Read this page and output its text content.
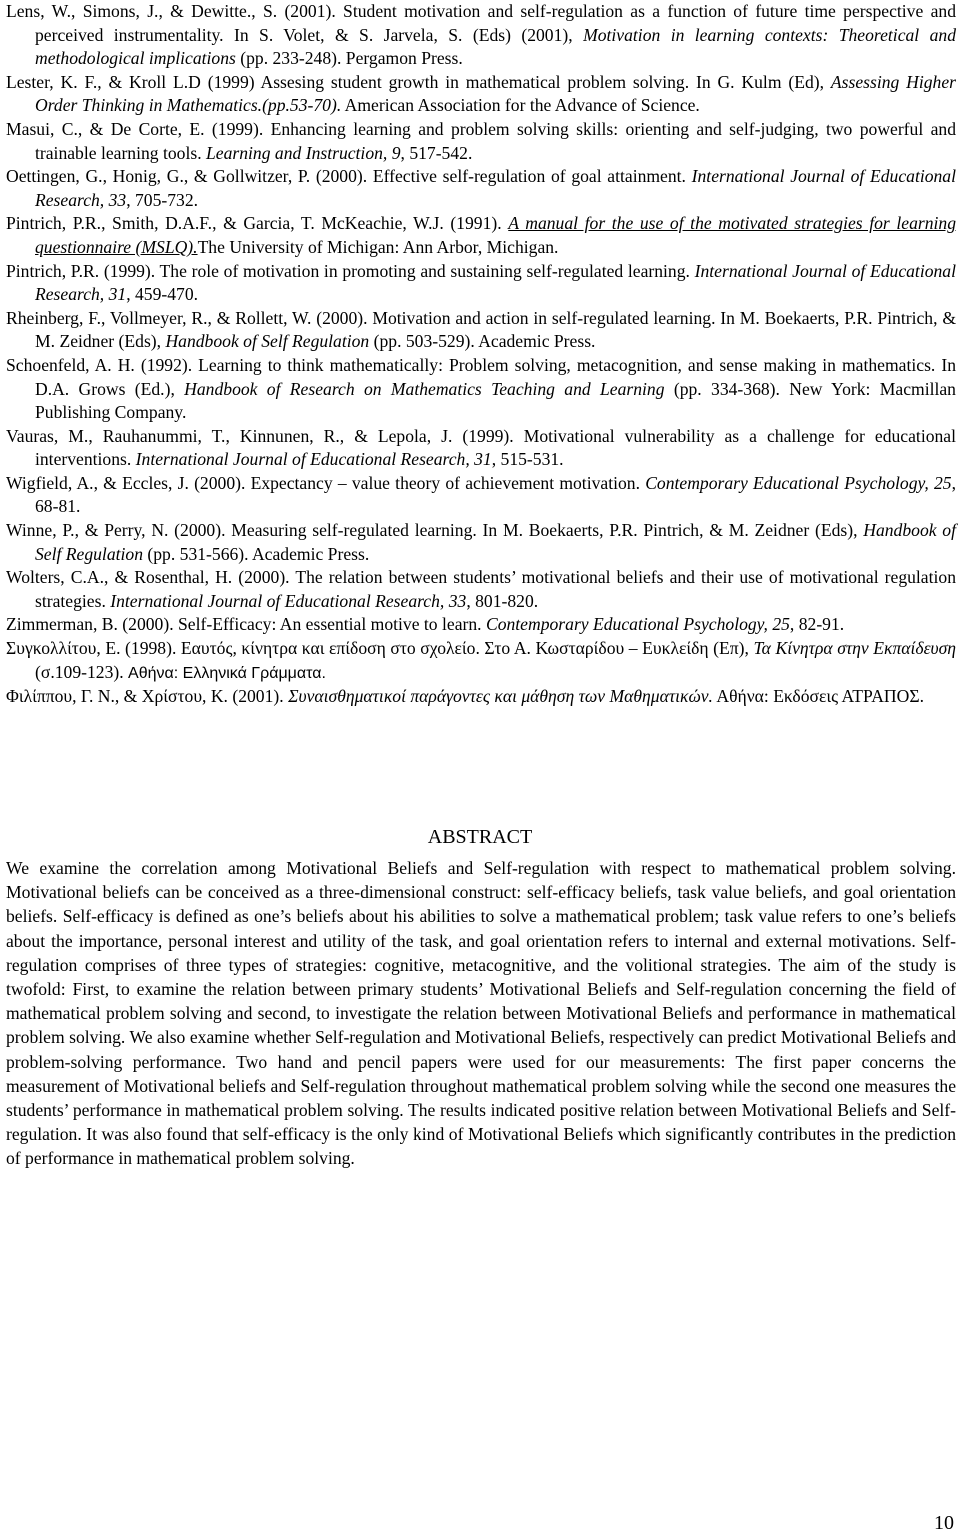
Lens, W., Simons, J., & Dewitte., S. (2001). Student motivation and self-regulation as a function of future time perspective and perceived instrumentality. In S. Volet, & S. Jarvela, S. (Eds) (2001), Motivation in learning contexts: Theoretical and methodological implications (pp. 233-248). Pergamon Press.

Lester, K. F., & Kroll L.D (1999) Assesing student growth in mathematical problem solving. In G. Kulm (Ed), Assessing Higher Order Thinking in Mathematics.(pp.53-70). American Association for the Advance of Science.

Masui, C., & De Corte, E. (1999). Enhancing learning and problem solving skills: orienting and self-judging, two powerful and trainable learning tools. Learning and Instruction, 9, 517-542.

Oettingen, G., Honig, G., & Gollwitzer, P. (2000). Effective self-regulation of goal attainment. International Journal of Educational Research, 33, 705-732.

Pintrich, P.R., Smith, D.A.F., & Garcia, T. McKeachie, W.J. (1991). A manual for the use of the motivated strategies for learning questionnaire (MSLQ).The University of Michigan: Ann Arbor, Michigan.

Pintrich, P.R. (1999). The role of motivation in promoting and sustaining self-regulated learning. International Journal of Educational Research, 31, 459-470.

Rheinberg, F., Vollmeyer, R., & Rollett, W. (2000). Motivation and action in self-regulated learning. In M. Boekaerts, P.R. Pintrich, & M. Zeidner (Eds), Handbook of Self Regulation (pp. 503-529). Academic Press.

Schoenfeld, A. H. (1992). Learning to think mathematically: Problem solving, metacognition, and sense making in mathematics. In D.A. Grows (Ed.), Handbook of Research on Mathematics Teaching and Learning (pp. 334-368). New York: Macmillan Publishing Company.

Vauras, M., Rauhanummi, T., Kinnunen, R., & Lepola, J. (1999). Motivational vulnerability as a challenge for educational interventions. International Journal of Educational Research, 31, 515-531.

Wigfield, A., & Eccles, J. (2000). Expectancy – value theory of achievement motivation. Contemporary Educational Psychology, 25, 68-81.

Winne, P., & Perry, N. (2000). Measuring self-regulated learning. In M. Boekaerts, P.R. Pintrich, & M. Zeidner (Eds), Handbook of Self Regulation (pp. 531-566). Academic Press.

Wolters, C.A., & Rosenthal, H. (2000). The relation between students’ motivational beliefs and their use of motivational regulation strategies. International Journal of Educational Research, 33, 801-820.

Zimmerman, B. (2000). Self-Efficacy: An essential motive to learn. Contemporary Educational Psychology, 25, 82-91.

Συγκολλίτου, Ε. (1998). Εαυτός, κίνητρα και επίδοση στο σχολείο. Στο Α. Κωσταρίδου – Ευκλείδη (Επ), Τα Κίνητρα στην Εκπαίδευση (σ.109-123). Αθήνα: Ελληνικά Γράμματα.

Φιλίππου, Γ. Ν., & Χρίστου, Κ. (2001). Συναισθηματικοί παράγοντες και μάθηση των Μαθηματικών. Αθήνα: Εκδόσεις ΑΤΡΑΠΟΣ.

ABSTRACT

We examine the correlation among Motivational Beliefs and Self-regulation with respect to mathematical problem solving. Motivational beliefs can be conceived as a three-dimensional construct: self-efficacy beliefs, task value beliefs, and goal orientation beliefs. Self-efficacy is defined as one’s beliefs about his abilities to solve a mathematical problem; task value refers to one’s beliefs about the importance, personal interest and utility of the task, and goal orientation refers to internal and external motivations. Self-regulation comprises of three types of strategies: cognitive, metacognitive, and the volitional strategies. The aim of the study is twofold: First, to examine the relation between primary students’ Motivational Beliefs and Self-regulation concerning the field of mathematical problem solving and second, to investigate the relation between Motivational Beliefs and performance in mathematical problem solving. We also examine whether Self-regulation and Motivational Beliefs, respectively can predict Motivational Beliefs and problem-solving performance. Two hand and pencil papers were used for our measurements: The first paper concerns the measurement of Motivational beliefs and Self-regulation throughout mathematical problem solving while the second one measures the students’ performance in mathematical problem solving. The results indicated positive relation between Motivational Beliefs and Self-regulation. It was also found that self-efficacy is the only kind of Motivational Beliefs which significantly contributes in the prediction of performance in mathematical problem solving.

10
